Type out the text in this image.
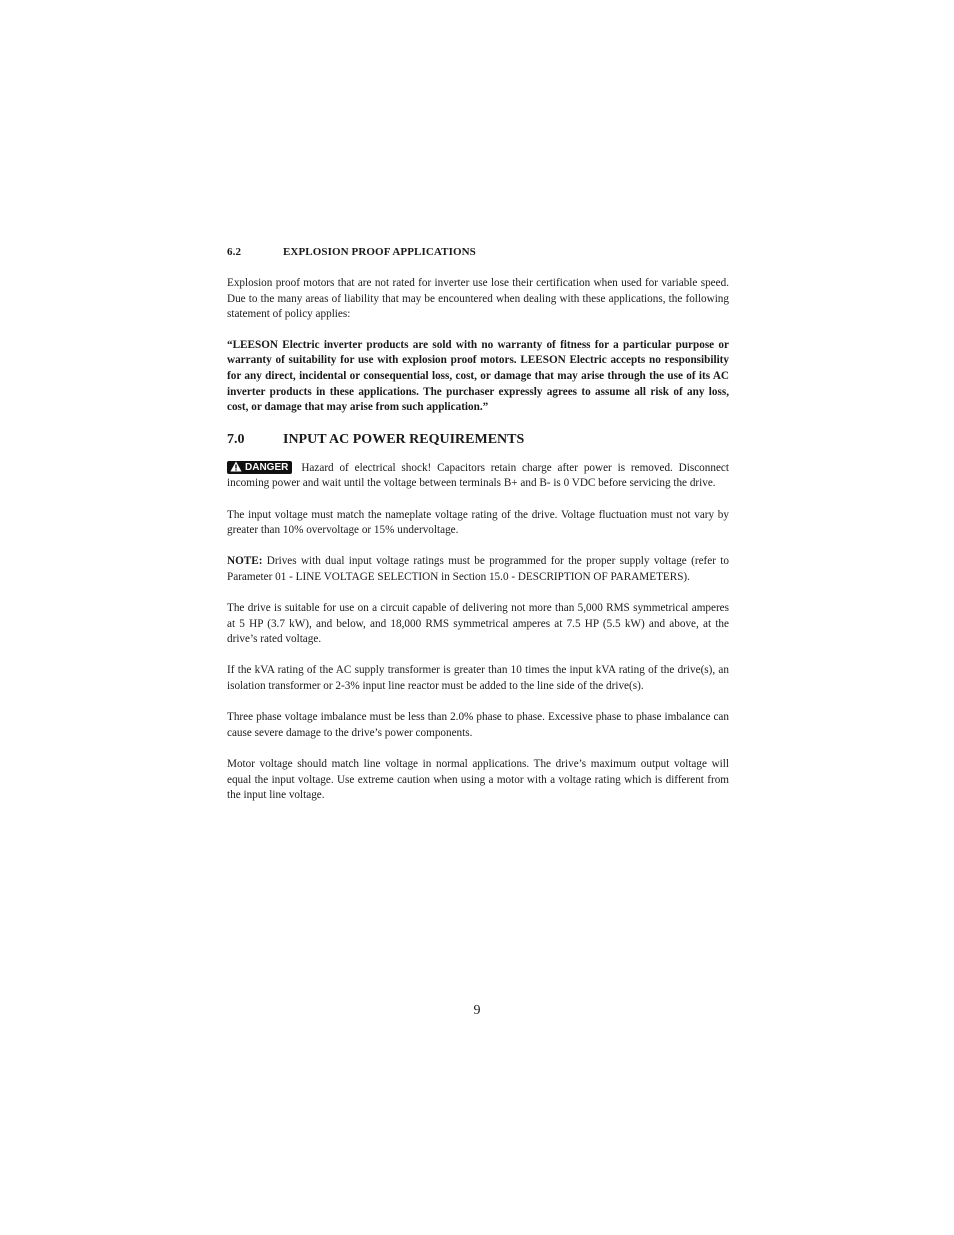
6.2	EXPLOSION PROOF APPLICATIONS

Explosion proof motors that are not rated for inverter use lose their certification when used for variable speed. Due to the many areas of liability that may be encountered when dealing with these applications, the following statement of policy applies:

“LEESON Electric inverter products are sold with no warranty of fitness for a particular purpose or warranty of suitability for use with explosion proof motors. LEESON Electric accepts no responsibility for any direct, incidental or consequential loss, cost, or damage that may arise through the use of its AC inverter products in these applications. The purchaser expressly agrees to assume all risk of any loss, cost, or damage that may arise from such application.”

7.0	INPUT AC POWER REQUIREMENTS

DANGER Hazard of electrical shock! Capacitors retain charge after power is removed. Disconnect incoming power and wait until the voltage between terminals B+ and B- is 0 VDC before servicing the drive.

The input voltage must match the nameplate voltage rating of the drive. Voltage fluctuation must not vary by greater than 10% overvoltage or 15% undervoltage.

NOTE: Drives with dual input voltage ratings must be programmed for the proper supply voltage (refer to Parameter 01 - LINE VOLTAGE SELECTION in Section 15.0 - DESCRIPTION OF PARAMETERS).

The drive is suitable for use on a circuit capable of delivering not more than 5,000 RMS symmetrical amperes at 5 HP (3.7 kW), and below, and 18,000 RMS symmetrical amperes at 7.5 HP (5.5 kW) and above, at the drive’s rated voltage.

If the kVA rating of the AC supply transformer is greater than 10 times the input kVA rating of the drive(s), an isolation transformer or 2-3% input line reactor must be added to the line side of the drive(s).

Three phase voltage imbalance must be less than 2.0% phase to phase. Excessive phase to phase imbalance can cause severe damage to the drive’s power components.

Motor voltage should match line voltage in normal applications. The drive’s maximum output voltage will equal the input voltage. Use extreme caution when using a motor with a voltage rating which is different from the input line voltage.

9
